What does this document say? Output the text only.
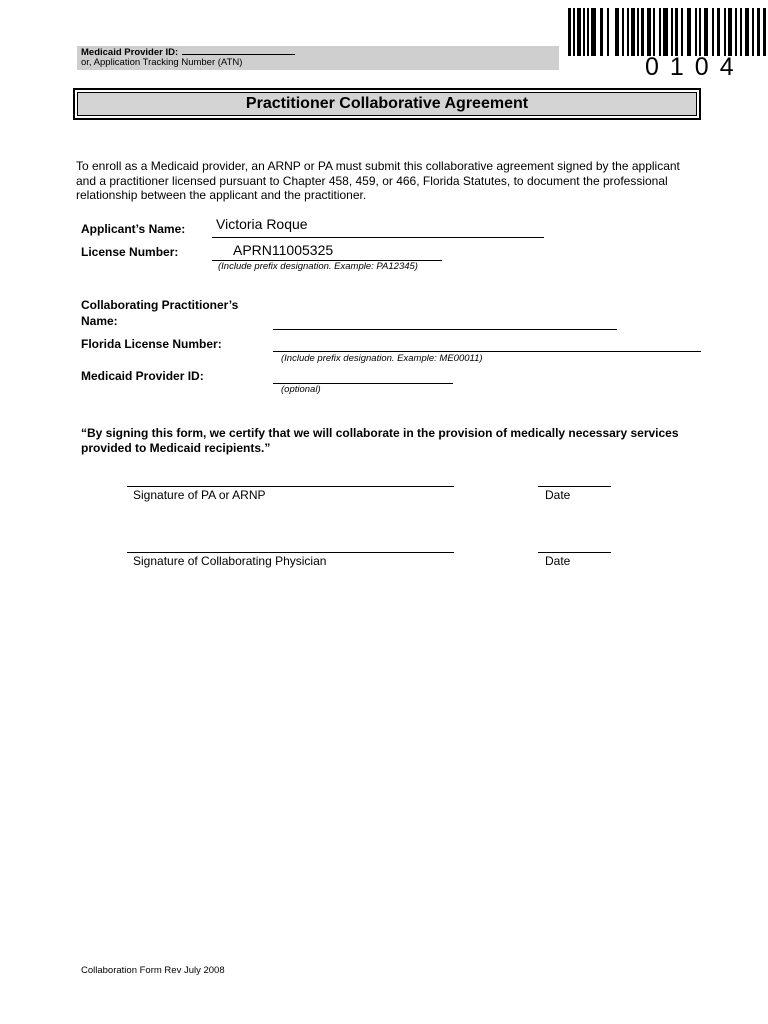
Medicaid Provider ID:
or, Application Tracking Number (ATN)	0104
Practitioner Collaborative Agreement
To enroll as a Medicaid provider, an ARNP or PA must submit this collaborative agreement signed by the applicant and a practitioner licensed pursuant to Chapter 458, 459, or 466, Florida Statutes, to document the professional relationship between the applicant and the practitioner.
Applicant’s Name: Victoria Roque
License Number:	APRN11005325
(Include prefix designation. Example: PA12345)
Collaborating Practitioner’s
Name:
Florida License Number:
(Include prefix designation. Example: ME00011)
Medicaid Provider ID:
(optional)
“By signing this form, we certify that we will collaborate in the provision of medically necessary services provided to Medicaid recipients.”
Signature of PA or ARNP	Date
Signature of Collaborating Physician	Date
Collaboration Form Rev July 2008
